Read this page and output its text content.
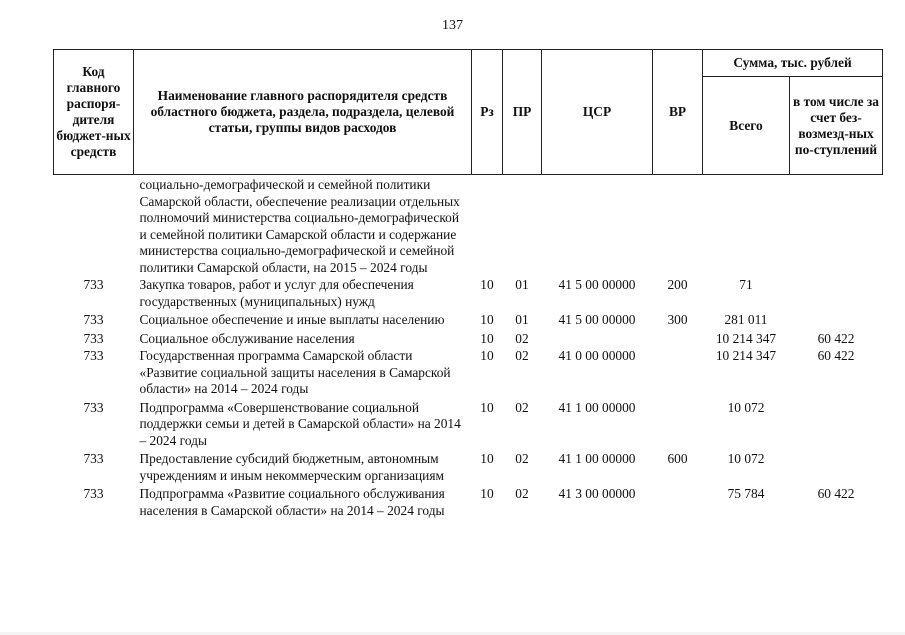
137
Код главного распоря-дителя бюджет-ных средств	Наименование главного распорядителя средств областного бюджета, раздела, подраздела, целевой статьи, группы видов расходов	Рз	ПР	ЦСР	ВР	Сумма, тыс. рублей	
						Всего	в том числе за счет без-возмезд-ных по-ступлений
	социально-демографической и семейной политики Самарской области, обеспечение реализации отдельных полномочий министерства социально-демографической и семейной политики Самарской области и содержание министерства социально-демографической и семейной политики Самарской области, на 2015 – 2024 годы						
733	Закупка товаров, работ и услуг для обеспечения государственных (муниципальных) нужд	10	01	41 5 00 00000	200	71	
733	Социальное обеспечение и иные выплаты населению	10	01	41 5 00 00000	300	281 011	
733	Социальное обслуживание населения	10	02			10 214 347	60 422
733	Государственная программа Самарской области «Развитие социальной защиты населения в Самарской области» на 2014 – 2024 годы	10	02	41 0 00 00000		10 214 347	60 422
733	Подпрограмма «Совершенствование социальной поддержки семьи и детей в Самарской области» на 2014 – 2024 годы	10	02	41 1 00 00000		10 072	
733	Предоставление субсидий бюджетным, автономным учреждениям и иным некоммерческим организациям	10	02	41 1 00 00000	600	10 072	
733	Подпрограмма «Развитие социального обслуживания населения в Самарской области» на 2014 – 2024 годы	10	02	41 3 00 00000		75 784	60 422
